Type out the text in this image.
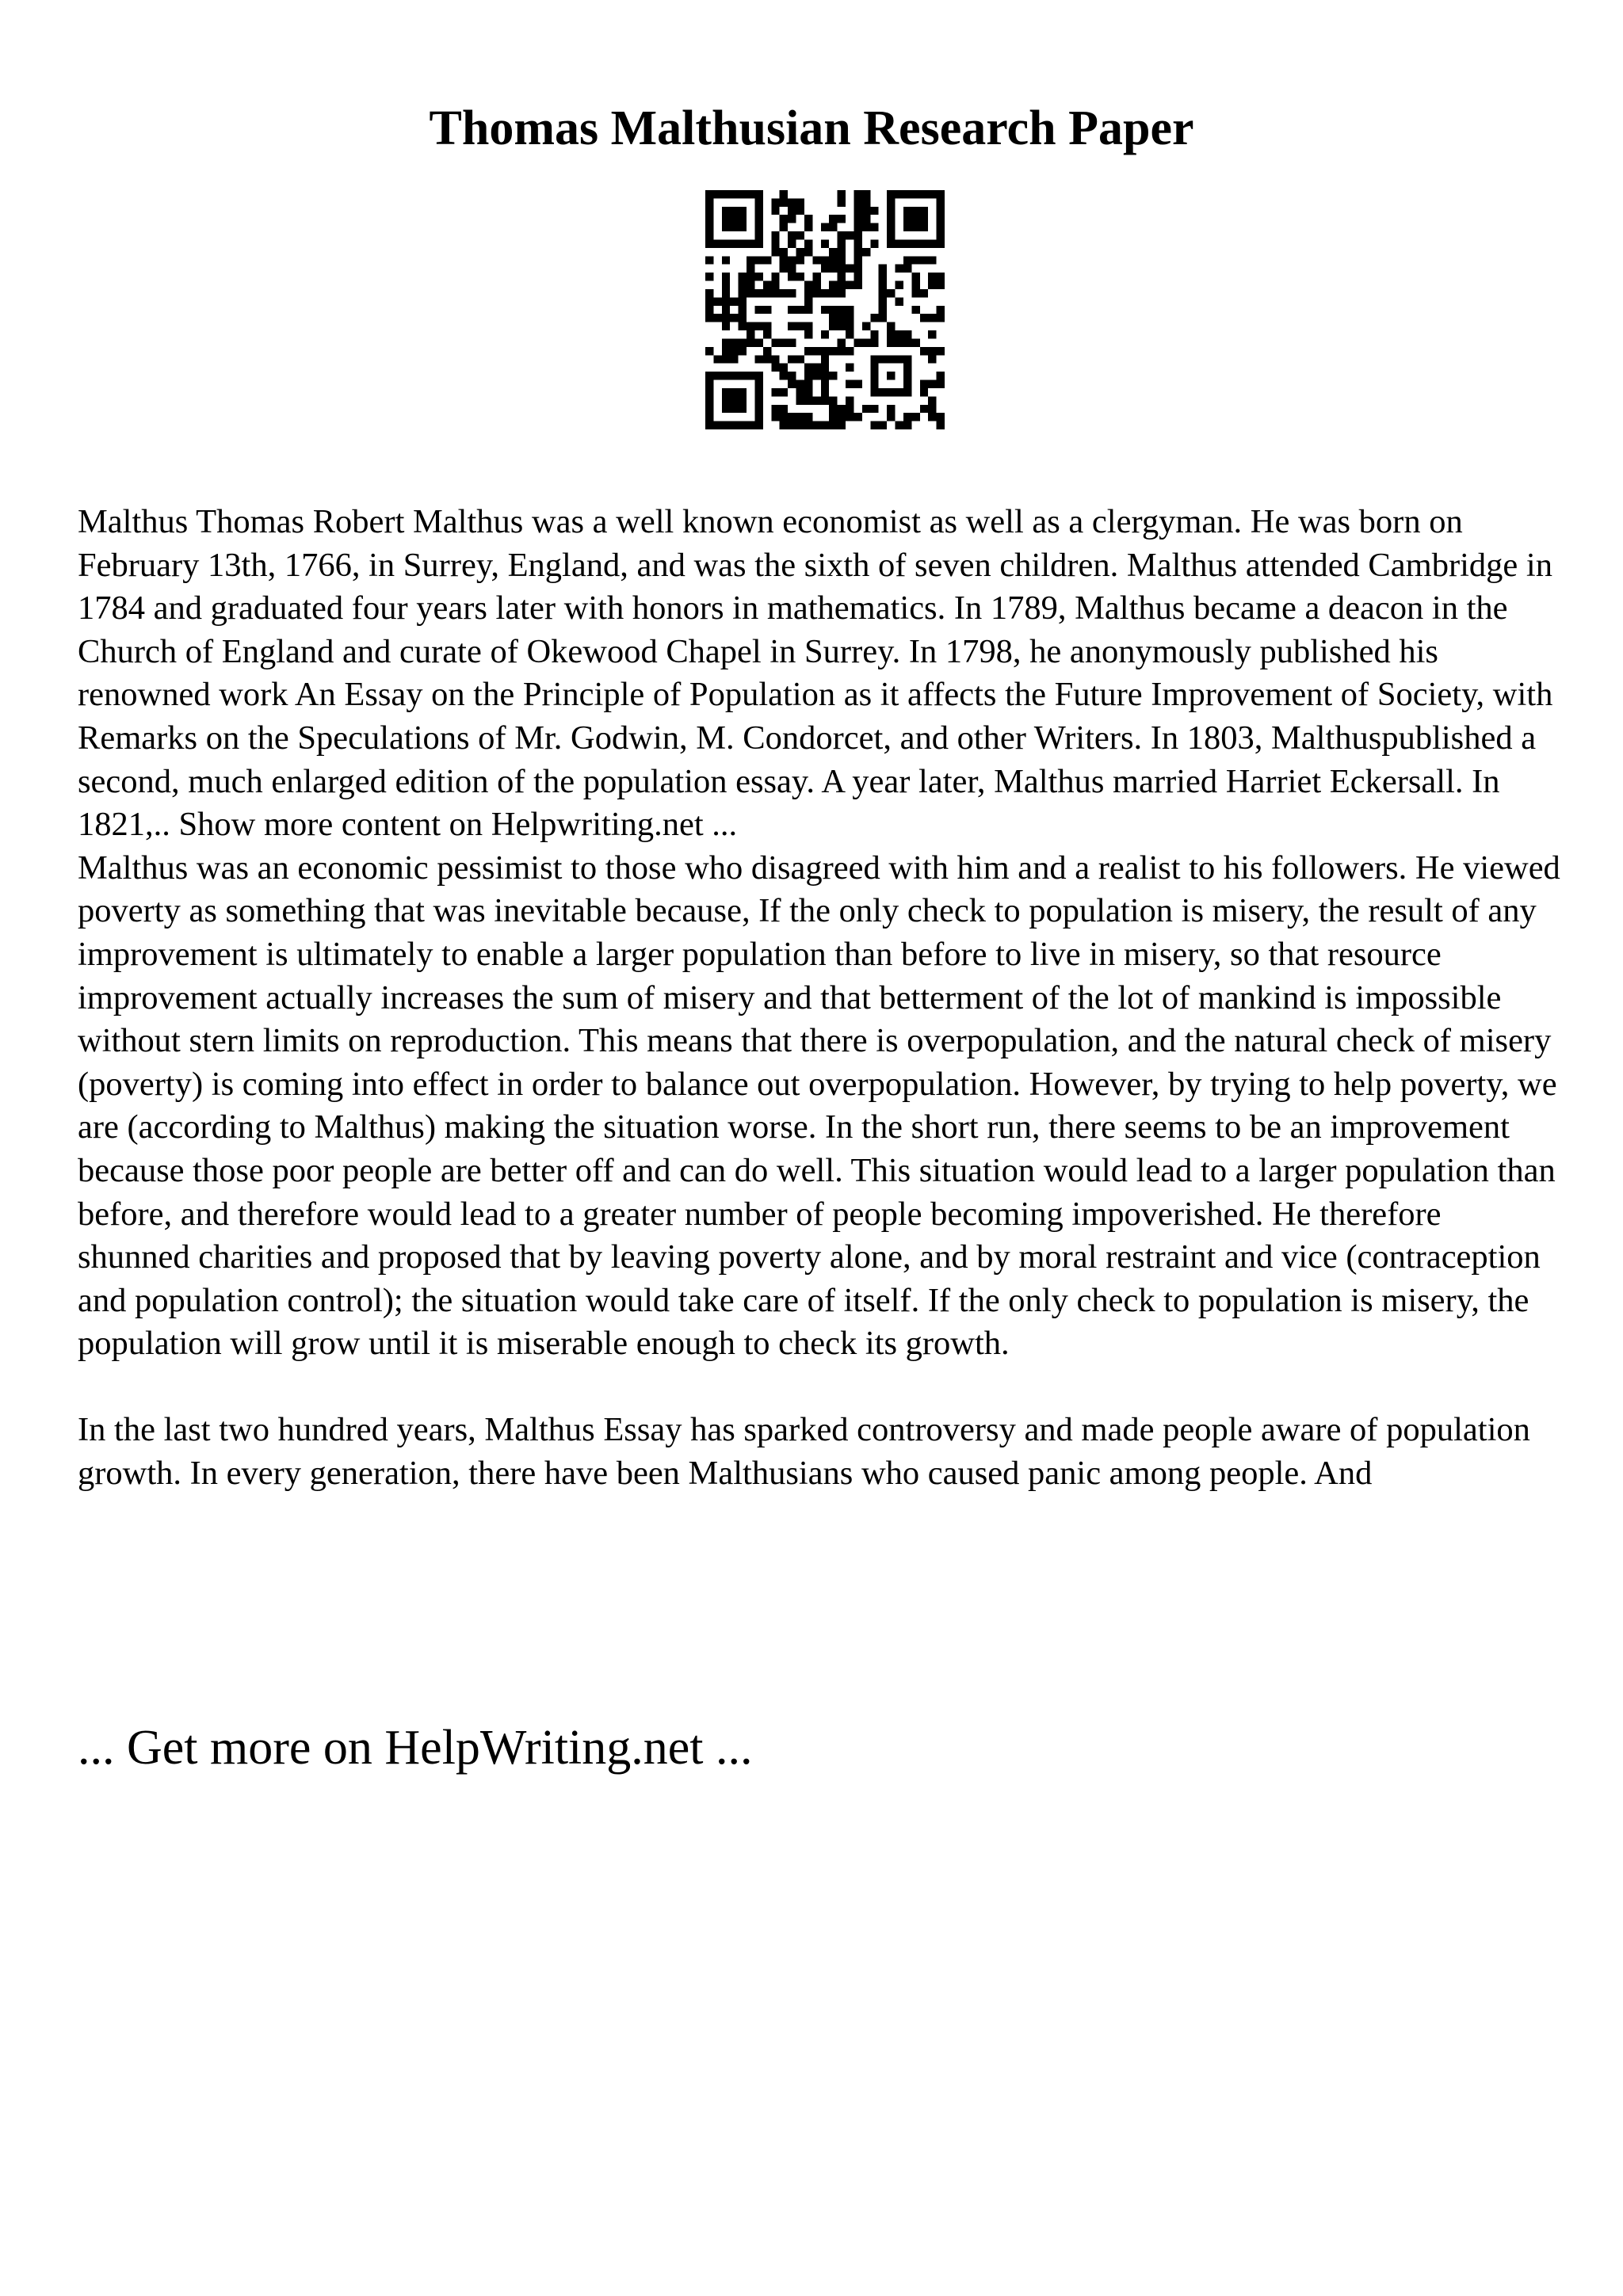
Thomas Malthusian Research Paper

Malthus Thomas Robert Malthus was a well known economist as well as a clergyman. He was born on February 13th, 1766, in Surrey, England, and was the sixth of seven children. Malthus attended Cambridge in 1784 and graduated four years later with honors in mathematics. In 1789, Malthus became a deacon in the Church of England and curate of Okewood Chapel in Surrey. In 1798, he anonymously published his renowned work An Essay on the Principle of Population as it affects the Future Improvement of Society, with Remarks on the Speculations of Mr. Godwin, M. Condorcet, and other Writers. In 1803, Malthuspublished a second, much enlarged edition of the population essay. A year later, Malthus married Harriet Eckersall. In 1821,.. Show more content on Helpwriting.net ...

Malthus was an economic pessimist to those who disagreed with him and a realist to his followers. He viewed poverty as something that was inevitable because, If the only check to population is misery, the result of any improvement is ultimately to enable a larger population than before to live in misery, so that resource improvement actually increases the sum of misery and that betterment of the lot of mankind is impossible without stern limits on reproduction. This means that there is overpopulation, and the natural check of misery (poverty) is coming into effect in order to balance out overpopulation. However, by trying to help poverty, we are (according to Malthus) making the situation worse. In the short run, there seems to be an improvement because those poor people are better off and can do well. This situation would lead to a larger population than before, and therefore would lead to a greater number of people becoming impoverished. He therefore shunned charities and proposed that by leaving poverty alone, and by moral restraint and vice (contraception and population control); the situation would take care of itself. If the only check to population is misery, the population will grow until it is miserable enough to check its growth.

In the last two hundred years, Malthus Essay has sparked controversy and made people aware of population growth. In every generation, there have been Malthusians who caused panic among people. And

... Get more on HelpWriting.net ...
